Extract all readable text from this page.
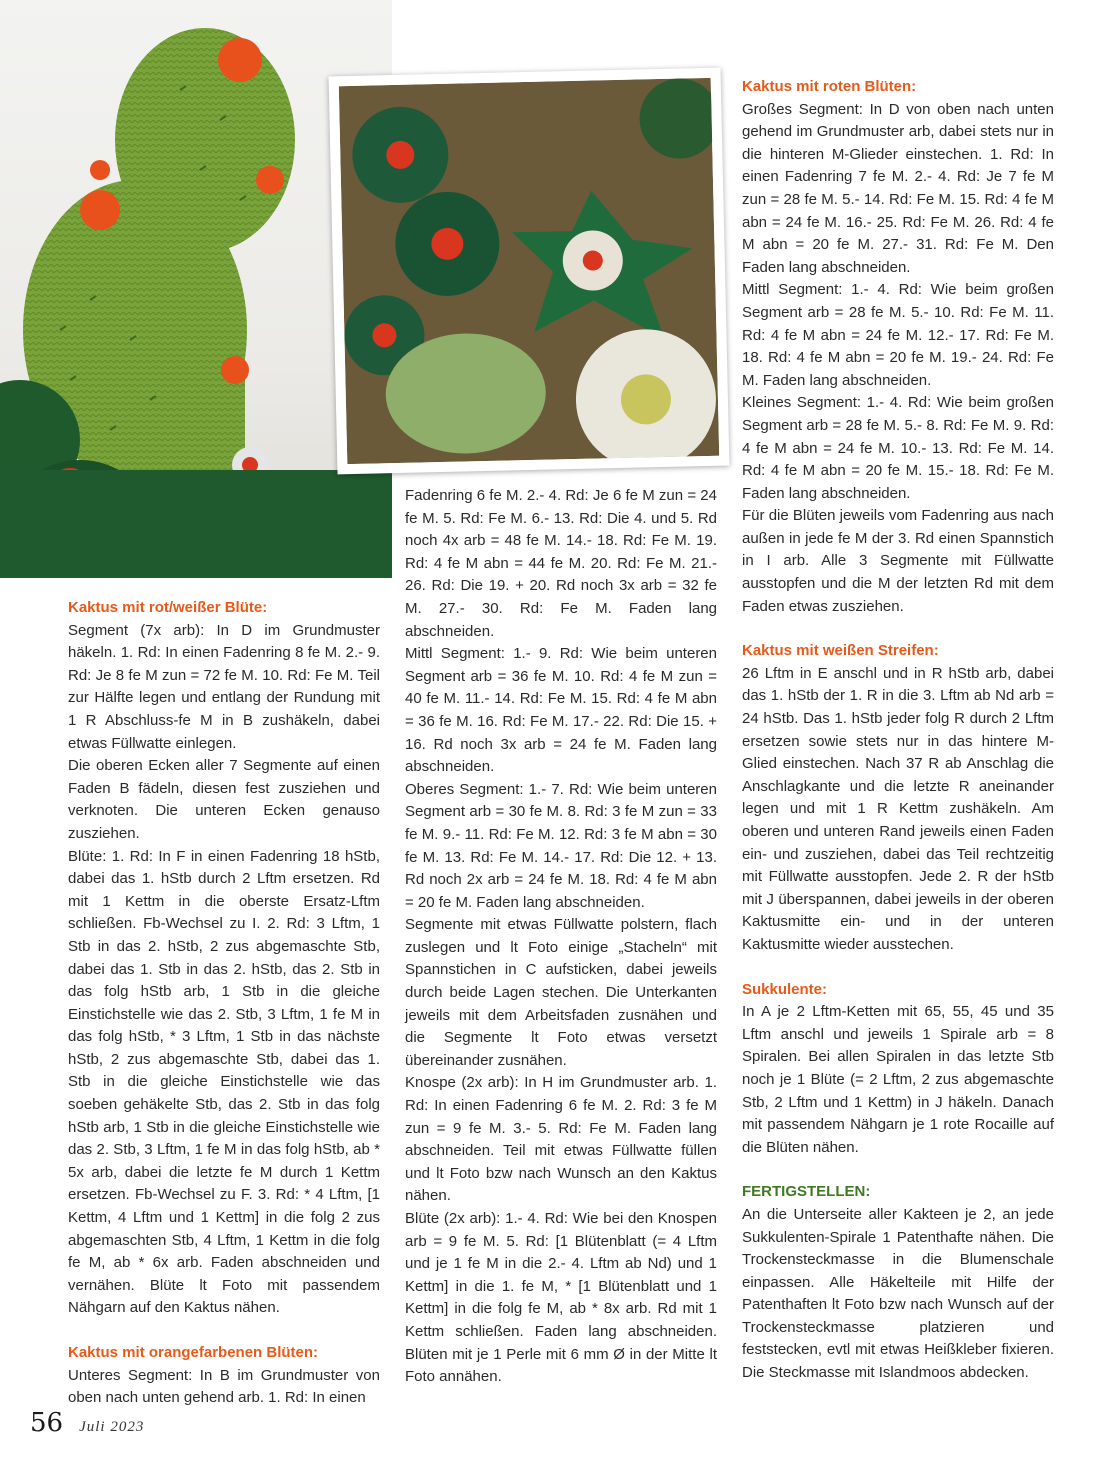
Kaktus mit rot/weißer Blüte:
Segment (7x arb): In D im Grundmuster häkeln. 1. Rd: In einen Fadenring 8 fe M. 2.- 9. Rd: Je 8 fe M zun = 72 fe M. 10. Rd: Fe M. Teil zur Hälfte legen und entlang der Rundung mit 1 R Abschluss-fe M in B zushäkeln, dabei etwas Füllwatte einlegen.
Die oberen Ecken aller 7 Segmente auf einen Faden B fädeln, diesen fest zusziehen und verknoten. Die unteren Ecken genauso zusziehen.
Blüte: 1. Rd: In F in einen Fadenring 18 hStb, dabei das 1. hStb durch 2 Lftm ersetzen. Rd mit 1 Kettm in die oberste Ersatz-Lftm schließen. Fb-Wechsel zu I. 2. Rd: 3 Lftm, 1 Stb in das 2. hStb, 2 zus abgemaschte Stb, dabei das 1. Stb in das 2. hStb, das 2. Stb in das folg hStb arb, 1 Stb in die gleiche Einstichstelle wie das 2. Stb, 3 Lftm, 1 fe M in das folg hStb, * 3 Lftm, 1 Stb in das nächste hStb, 2 zus abgemaschte Stb, dabei das 1. Stb in die gleiche Einstichstelle wie das soeben gehäkelte Stb, das 2. Stb in das folg hStb arb, 1 Stb in die gleiche Einstichstelle wie das 2. Stb, 3 Lftm, 1 fe M in das folg hStb, ab * 5x arb, dabei die letzte fe M durch 1 Kettm ersetzen. Fb-Wechsel zu F. 3. Rd: * 4 Lftm, [1 Kettm, 4 Lftm und 1 Kettm] in die folg 2 zus abgemaschten Stb, 4 Lftm, 1 Kettm in die folg fe M, ab * 6x arb. Faden abschneiden und vernähen. Blüte lt Foto mit passendem Nähgarn auf den Kaktus nähen.
Kaktus mit orangefarbenen Blüten:
Unteres Segment: In B im Grundmuster von oben nach unten gehend arb. 1. Rd: In einen
Fadenring 6 fe M. 2.- 4. Rd: Je 6 fe M zun = 24 fe M. 5. Rd: Fe M. 6.- 13. Rd: Die 4. und 5. Rd noch 4x arb = 48 fe M. 14.- 18. Rd: Fe M. 19. Rd: 4 fe M abn = 44 fe M. 20. Rd: Fe M. 21.- 26. Rd: Die 19. + 20. Rd noch 3x arb = 32 fe M. 27.- 30. Rd: Fe M. Faden lang abschneiden.
Mittl Segment: 1.- 9. Rd: Wie beim unteren Segment arb = 36 fe M. 10. Rd: 4 fe M zun = 40 fe M. 11.- 14. Rd: Fe M. 15. Rd: 4 fe M abn = 36 fe M. 16. Rd: Fe M. 17.- 22. Rd: Die 15. + 16. Rd noch 3x arb = 24 fe M. Faden lang abschneiden.
Oberes Segment: 1.- 7. Rd: Wie beim unteren Segment arb = 30 fe M. 8. Rd: 3 fe M zun = 33 fe M. 9.- 11. Rd: Fe M. 12. Rd: 3 fe M abn = 30 fe M. 13. Rd: Fe M. 14.- 17. Rd: Die 12. + 13. Rd noch 2x arb = 24 fe M. 18. Rd: 4 fe M abn = 20 fe M. Faden lang abschneiden.
Segmente mit etwas Füllwatte polstern, flach zuslegen und lt Foto einige „Stacheln“ mit Spannstichen in C aufsticken, dabei jeweils durch beide Lagen stechen. Die Unterkanten jeweils mit dem Arbeitsfaden zusnähen und die Segmente lt Foto etwas versetzt übereinander zusnähen.
Knospe (2x arb): In H im Grundmuster arb. 1. Rd: In einen Fadenring 6 fe M. 2. Rd: 3 fe M zun = 9 fe M. 3.- 5. Rd: Fe M. Faden lang abschneiden. Teil mit etwas Füllwatte füllen und lt Foto bzw nach Wunsch an den Kaktus nähen.
Blüte (2x arb): 1.- 4. Rd: Wie bei den Knospen arb = 9 fe M. 5. Rd: [1 Blütenblatt (= 4 Lftm und je 1 fe M in die 2.- 4. Lftm ab Nd) und 1 Kettm] in die 1. fe M, * [1 Blütenblatt und 1 Kettm] in die folg fe M, ab * 8x arb. Rd mit 1 Kettm schließen. Faden lang abschneiden. Blüten mit je 1 Perle mit 6 mm Ø in der Mitte lt Foto annähen.
Kaktus mit roten Blüten:
Großes Segment: In D von oben nach unten gehend im Grundmuster arb, dabei stets nur in die hinteren M-Glieder einstechen. 1. Rd: In einen Fadenring 7 fe M. 2.- 4. Rd: Je 7 fe M zun = 28 fe M. 5.- 14. Rd: Fe M. 15. Rd: 4 fe M abn = 24 fe M. 16.- 25. Rd: Fe M. 26. Rd: 4 fe M abn = 20 fe M. 27.- 31. Rd: Fe M. Den Faden lang abschneiden.
Mittl Segment: 1.- 4. Rd: Wie beim großen Segment arb = 28 fe M. 5.- 10. Rd: Fe M. 11. Rd: 4 fe M abn = 24 fe M. 12.- 17. Rd: Fe M. 18. Rd: 4 fe M abn = 20 fe M. 19.- 24. Rd: Fe M. Faden lang abschneiden.
Kleines Segment: 1.- 4. Rd: Wie beim großen Segment arb = 28 fe M. 5.- 8. Rd: Fe M. 9. Rd: 4 fe M abn = 24 fe M. 10.- 13. Rd: Fe M. 14. Rd: 4 fe M abn = 20 fe M. 15.- 18. Rd: Fe M. Faden lang abschneiden.
Für die Blüten jeweils vom Fadenring aus nach außen in jede fe M der 3. Rd einen Spannstich in I arb. Alle 3 Segmente mit Füllwatte ausstopfen und die M der letzten Rd mit dem Faden etwas zusziehen.
Kaktus mit weißen Streifen:
26 Lftm in E anschl und in R hStb arb, dabei das 1. hStb der 1. R in die 3. Lftm ab Nd arb = 24 hStb. Das 1. hStb jeder folg R durch 2 Lftm ersetzen sowie stets nur in das hintere M-Glied einstechen. Nach 37 R ab Anschlag die Anschlagkante und die letzte R aneinander legen und mit 1 R Kettm zushäkeln. Am oberen und unteren Rand jeweils einen Faden ein- und zusziehen, dabei das Teil rechtzeitig mit Füllwatte ausstopfen. Jede 2. R der hStb mit J überspannen, dabei jeweils in der oberen Kaktusmitte ein- und in der unteren Kaktusmitte wieder ausstechen.
Sukkulente:
In A je 2 Lftm-Ketten mit 65, 55, 45 und 35 Lftm anschl und jeweils 1 Spirale arb = 8 Spiralen. Bei allen Spiralen in das letzte Stb noch je 1 Blüte (= 2 Lftm, 2 zus abgemaschte Stb, 2 Lftm und 1 Kettm) in J häkeln. Danach mit passendem Nähgarn je 1 rote Rocaille auf die Blüten nähen.
FERTIGSTELLEN:
An die Unterseite aller Kakteen je 2, an jede Sukkulenten-Spirale 1 Patenthafte nähen. Die Trockensteckmasse in die Blumenschale einpassen. Alle Häkelteile mit Hilfe der Patenthaften lt Foto bzw nach Wunsch auf der Trockensteckmasse platzieren und feststecken, evtl mit etwas Heißkleber fixieren. Die Steckmasse mit Islandmoos abdecken.
56 Juli 2023
